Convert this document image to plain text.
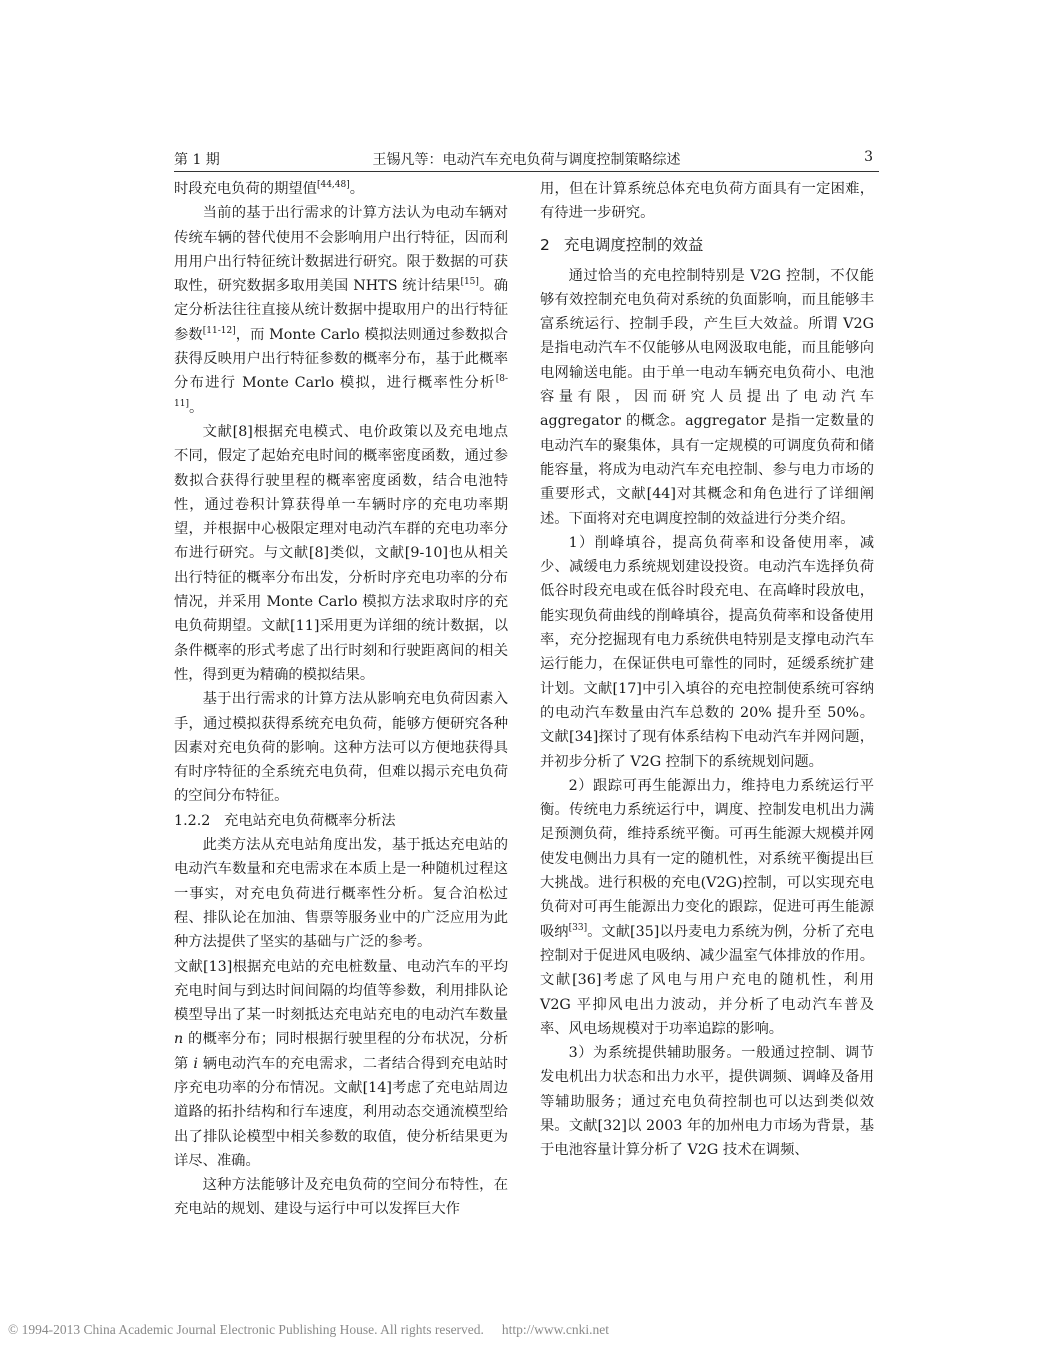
第 1 期	王锡凡等：电动汽车充电负荷与调度控制策略综述	3

时段充电负荷的期望值[44,48]。

当前的基于出行需求的计算方法认为电动车辆对传统车辆的替代使用不会影响用户出行特征，因而利用用户出行特征统计数据进行研究。限于数据的可获取性，研究数据多取用美国 NHTS 统计结果[15]。确定分析法往往直接从统计数据中提取用户的出行特征参数[11-12]，而 Monte Carlo 模拟法则通过参数拟合获得反映用户出行特征参数的概率分布，基于此概率分布进行 Monte Carlo 模拟，进行概率性分析[8-11]。

文献[8]根据充电模式、电价政策以及充电地点不同，假定了起始充电时间的概率密度函数，通过参数拟合获得行驶里程的概率密度函数，结合电池特性，通过卷积计算获得单一车辆时序的充电功率期望，并根据中心极限定理对电动汽车群的充电功率分布进行研究。与文献[8]类似，文献[9-10]也从相关出行特征的概率分布出发，分析时序充电功率的分布情况，并采用 Monte Carlo 模拟方法求取时序的充电负荷期望。文献[11]采用更为详细的统计数据，以条件概率的形式考虑了出行时刻和行驶距离间的相关性，得到更为精确的模拟结果。

基于出行需求的计算方法从影响充电负荷因素入手，通过模拟获得系统充电负荷，能够方便研究各种因素对充电负荷的影响。这种方法可以方便地获得具有时序特征的全系统充电负荷，但难以揭示充电负荷的空间分布特征。

1.2.2 充电站充电负荷概率分析法

此类方法从充电站角度出发，基于抵达充电站的电动汽车数量和充电需求在本质上是一种随机过程这一事实，对充电负荷进行概率性分析。复合泊松过程、排队论在加油、售票等服务业中的广泛应用为此种方法提供了坚实的基础与广泛的参考。

文献[13]根据充电站的充电桩数量、电动汽车的平均充电时间与到达时间间隔的均值等参数，利用排队论模型导出了某一时刻抵达充电站充电的电动汽车数量 n 的概率分布；同时根据行驶里程的分布状况，分析第 i 辆电动汽车的充电需求，二者结合得到充电站时序充电功率的分布情况。文献[14]考虑了充电站周边道路的拓扑结构和行车速度，利用动态交通流模型给出了排队论模型中相关参数的取值，使分析结果更为详尽、准确。

这种方法能够计及充电负荷的空间分布特性，在充电站的规划、建设与运行中可以发挥巨大作

用，但在计算系统总体充电负荷方面具有一定困难，有待进一步研究。

2 充电调度控制的效益

通过恰当的充电控制特别是 V2G 控制，不仅能够有效控制充电负荷对系统的负面影响，而且能够丰富系统运行、控制手段，产生巨大效益。所谓 V2G 是指电动汽车不仅能够从电网汲取电能，而且能够向电网输送电能。由于单一电动车辆充电负荷小、电池容量有限，因而研究人员提出了电动汽车 aggregator 的概念。aggregator 是指一定数量的电动汽车的聚集体，具有一定规模的可调度负荷和储能容量，将成为电动汽车充电控制、参与电力市场的重要形式，文献[44]对其概念和角色进行了详细阐述。下面将对充电调度控制的效益进行分类介绍。

1）削峰填谷，提高负荷率和设备使用率，减少、减缓电力系统规划建设投资。电动汽车选择负荷低谷时段充电或在低谷时段充电、在高峰时段放电，能实现负荷曲线的削峰填谷，提高负荷率和设备使用率，充分挖掘现有电力系统供电特别是支撑电动汽车运行能力，在保证供电可靠性的同时，延缓系统扩建计划。文献[17]中引入填谷的充电控制使系统可容纳的电动汽车数量由汽车总数的 20% 提升至 50%。文献[34]探讨了现有体系结构下电动汽车并网问题，并初步分析了 V2G 控制下的系统规划问题。

2）跟踪可再生能源出力，维持电力系统运行平衡。传统电力系统运行中，调度、控制发电机出力满足预测负荷，维持系统平衡。可再生能源大规模并网使发电侧出力具有一定的随机性，对系统平衡提出巨大挑战。进行积极的充电(V2G)控制，可以实现充电负荷对可再生能源出力变化的跟踪，促进可再生能源吸纳[33]。文献[35]以丹麦电力系统为例，分析了充电控制对于促进风电吸纳、减少温室气体排放的作用。文献[36]考虑了风电与用户充电的随机性，利用 V2G 平抑风电出力波动，并分析了电动汽车普及率、风电场规模对于功率追踪的影响。

3）为系统提供辅助服务。一般通过控制、调节发电机出力状态和出力水平，提供调频、调峰及备用等辅助服务；通过充电负荷控制也可以达到类似效果。文献[32]以 2003 年的加州电力市场为背景，基于电池容量计算分析了 V2G 技术在调频、

© 1994-2013 China Academic Journal Electronic Publishing House. All rights reserved. http://www.cnki.net
